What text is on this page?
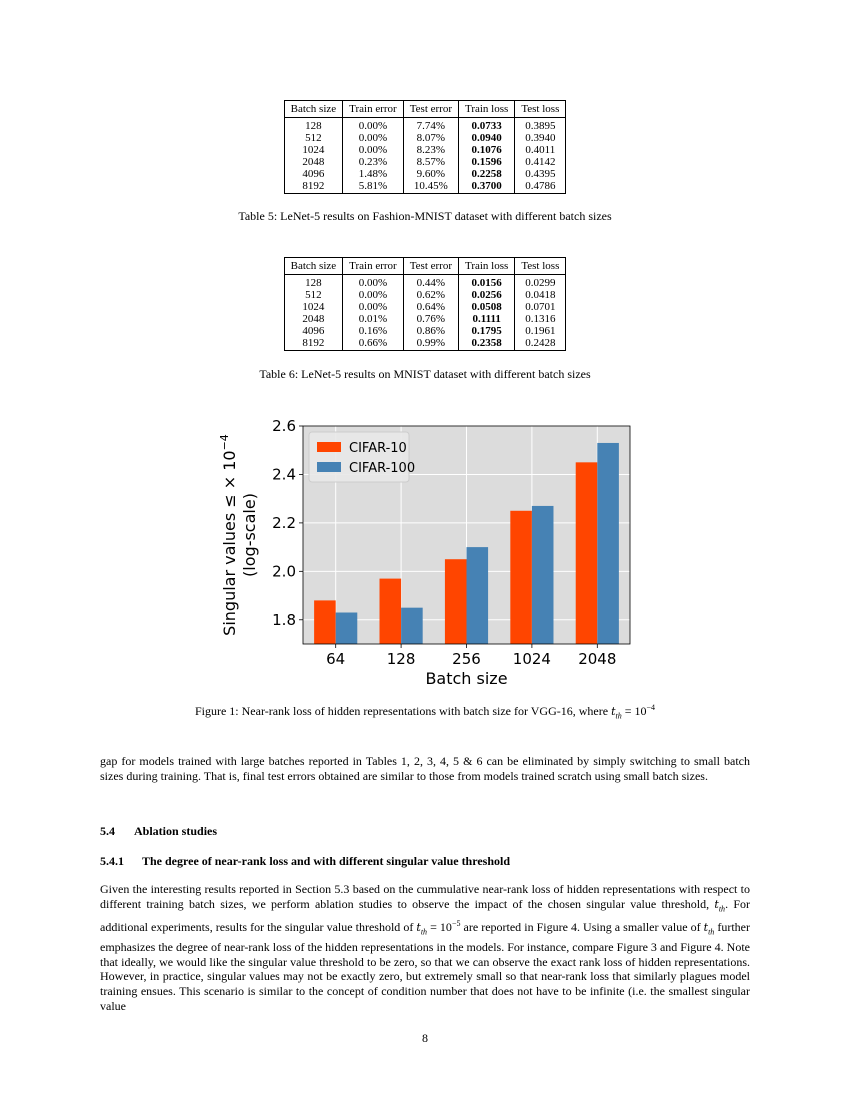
Batch size	Train error	Test error	Train loss	Test loss
128	0.00%	7.74%	0.0733	0.3895
512	0.00%	8.07%	0.0940	0.3940
1024	0.00%	8.23%	0.1076	0.4011
2048	0.23%	8.57%	0.1596	0.4142
4096	1.48%	9.60%	0.2258	0.4395
8192	5.81%	10.45%	0.3700	0.4786
Table 5: LeNet-5 results on Fashion-MNIST dataset with different batch sizes
Batch size	Train error	Test error	Train loss	Test loss
128	0.00%	0.44%	0.0156	0.0299
512	0.00%	0.62%	0.0256	0.0418
1024	0.00%	0.64%	0.0508	0.0701
2048	0.01%	0.76%	0.1111	0.1316
4096	0.16%	0.86%	0.1795	0.1961
8192	0.66%	0.99%	0.2358	0.2428
Table 6: LeNet-5 results on MNIST dataset with different batch sizes
1.8
2.0
2.2
2.4
2.6
64	128 256 1024 2048
Batch size
Singular values ≤ × $10^{-4}$
(log-scale)
CIFAR-10
CIFAR-100
Figure 1: Near-rank loss of hidden representations with batch size for VGG-16, where $t_{th} = 10^{-4}$
gap for models trained with large batches reported in Tables 1, 2, 3, 4, 5 & 6 can be eliminated by simply switching to small batch sizes during training. That is, final test errors obtained are similar to those from models trained scratch using small batch sizes.
5.4 Ablation studies
5.4.1 The degree of near-rank loss and with different singular value threshold
Given the interesting results reported in Section 5.3 based on the cummulative near-rank loss of hidden representations with respect to different training batch sizes, we perform ablation studies to observe the impact of the chosen singular value threshold, $t_{th}$. For additional experiments, results for the singular value threshold of $t_{th} = 10^{-5}$ are reported in Figure 4. Using a smaller value of $t_{th}$ further emphasizes the degree of near-rank loss of the hidden representations in the models. For instance, compare Figure 3 and Figure 4. Note that ideally, we would like the singular value threshold to be zero, so that we can observe the exact rank loss of hidden representations. However, in practice, singular values may not be exactly zero, but extremely small so that near-rank loss that similarly plagues model training ensues. This scenario is similar to the concept of condition number that does not have to be infinite (i.e. the smallest singular value
8
